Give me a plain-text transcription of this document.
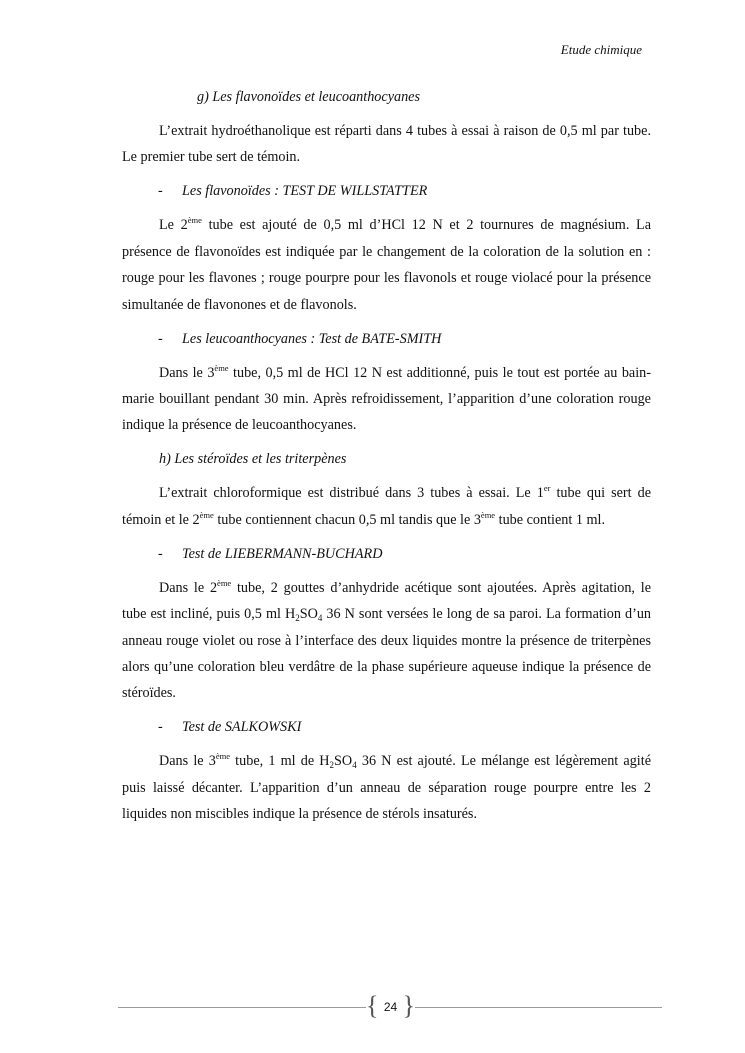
Etude chimique

g) Les flavonoïdes et leucoanthocyanes

L’extrait hydroéthanolique est réparti dans 4 tubes à essai à raison de 0,5 ml par tube. Le premier tube sert de témoin.

- Les flavonoïdes : TEST DE WILLSTATTER

Le 2ème tube est ajouté de 0,5 ml d’HCl 12 N et 2 tournures de magnésium. La présence de flavonoïdes est indiquée par le changement de la coloration de la solution en : rouge pour les flavones ; rouge pourpre pour les flavonols et rouge violacé pour la présence simultanée de flavonones et de flavonols.

- Les leucoanthocyanes : Test de BATE-SMITH

Dans le 3ème tube, 0,5 ml de HCl 12 N est additionné, puis le tout est portée au bain-marie bouillant pendant 30 min. Après refroidissement, l’apparition d’une coloration rouge indique la présence de leucoanthocyanes.

h) Les stéroïdes et les triterpènes

L’extrait chloroformique est distribué dans 3 tubes à essai. Le 1er tube qui sert de témoin et le 2ème tube contiennent chacun 0,5 ml tandis que le 3ème tube contient 1 ml.

- Test de LIEBERMANN-BUCHARD

Dans le 2ème tube, 2 gouttes d’anhydride acétique sont ajoutées. Après agitation, le tube est incliné, puis 0,5 ml $H_2SO_4$ 36 N sont versées le long de sa paroi. La formation d’un anneau rouge violet ou rose à l’interface des deux liquides montre la présence de triterpènes alors qu’une coloration bleu verdâtre de la phase supérieure aqueuse indique la présence de stéroïdes.

- Test de SALKOWSKI

Dans le 3ème tube, 1 ml de $H_2SO_4$ 36 N est ajouté. Le mélange est légèrement agité puis laissé décanter. L’apparition d’un anneau de séparation rouge pourpre entre les 2 liquides non miscibles indique la présence de stérols insaturés.

{ 24 }
